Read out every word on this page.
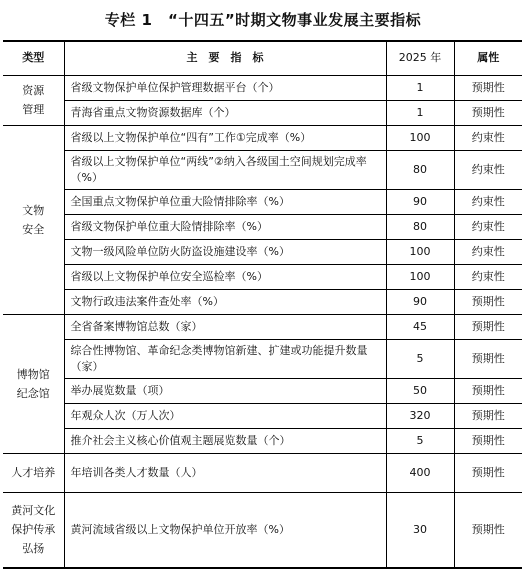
专栏 1　“十四五”时期文物事业发展主要指标
类型	主　要　指　标	2025 年	属性

资源
管理	省级文物保护单位保护管理数据平台（个）	1	预期性
	青海省重点文物资源数据库（个）	1	预期性

文物
安全	省级以上文物保护单位“四有”工作①完成率（%）	100	约束性
	省级以上文物保护单位“两线”②纳入各级国土空间规划完成率（%）	80	约束性
	全国重点文物保护单位重大险情排除率（%）	90	约束性
	省级文物保护单位重大险情排除率（%）	80	约束性
	文物一级风险单位防火防盗设施建设率（%）	100	约束性
	省级以上文物保护单位安全巡检率（%）	100	约束性
	文物行政违法案件查处率（%）	90	预期性

博物馆
纪念馆	全省备案博物馆总数（家）	45	预期性
	综合性博物馆、革命纪念类博物馆新建、扩建或功能提升数量（家）	5	预期性
	举办展览数量（项）	50	预期性
	年观众人次（万人次）	320	预期性
	推介社会主义核心价值观主题展览数量（个）	5	预期性

人才培养	年培训各类人才数量（人）	400	预期性

黄河文化
保护传承
弘扬	黄河流域省级以上文物保护单位开放率（%）	30	预期性
